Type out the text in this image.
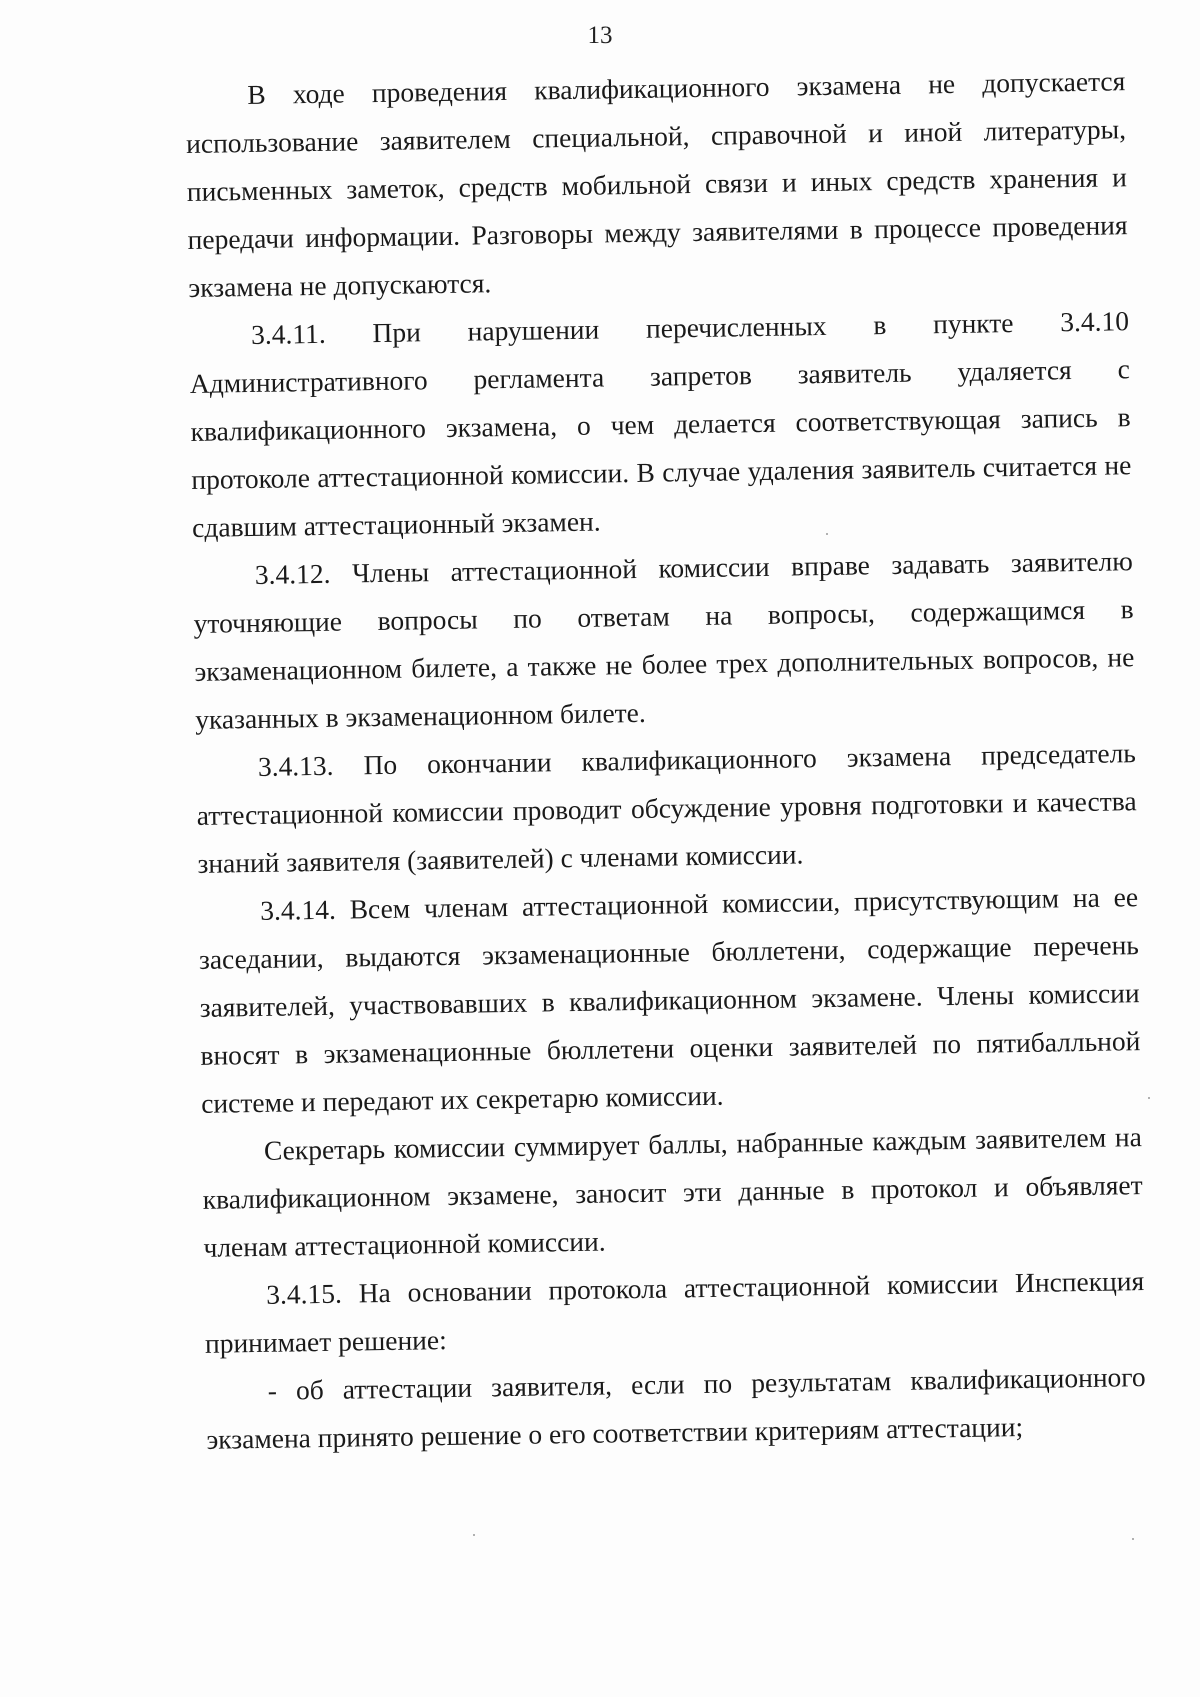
13

В ходе проведения квалификационного экзамена не допускается использование заявителем специальной, справочной и иной литературы, письменных заметок, средств мобильной связи и иных средств хранения и передачи информации. Разговоры между заявителями в процессе проведения экзамена не допускаются.

3.4.11. При нарушении перечисленных в пункте 3.4.10 Административного регламента запретов заявитель удаляется с квалификационного экзамена, о чем делается соответствующая запись в протоколе аттестационной комиссии. В случае удаления заявитель считается не сдавшим аттестационный экзамен.

3.4.12. Члены аттестационной комиссии вправе задавать заявителю уточняющие вопросы по ответам на вопросы, содержащимся в экзаменационном билете, а также не более трех дополнительных вопросов, не указанных в экзаменационном билете.

3.4.13. По окончании квалификационного экзамена председатель аттестационной комиссии проводит обсуждение уровня подготовки и качества знаний заявителя (заявителей) с членами комиссии.

3.4.14. Всем членам аттестационной комиссии, присутствующим на ее заседании, выдаются экзаменационные бюллетени, содержащие перечень заявителей, участвовавших в квалификационном экзамене. Члены комиссии вносят в экзаменационные бюллетени оценки заявителей по пятибалльной системе и передают их секретарю комиссии.

Секретарь комиссии суммирует баллы, набранные каждым заявителем на квалификационном экзамене, заносит эти данные в протокол и объявляет членам аттестационной комиссии.

3.4.15. На основании протокола аттестационной комиссии Инспекция принимает решение:

- об аттестации заявителя, если по результатам квалификационного экзамена принято решение о его соответствии критериям аттестации;
